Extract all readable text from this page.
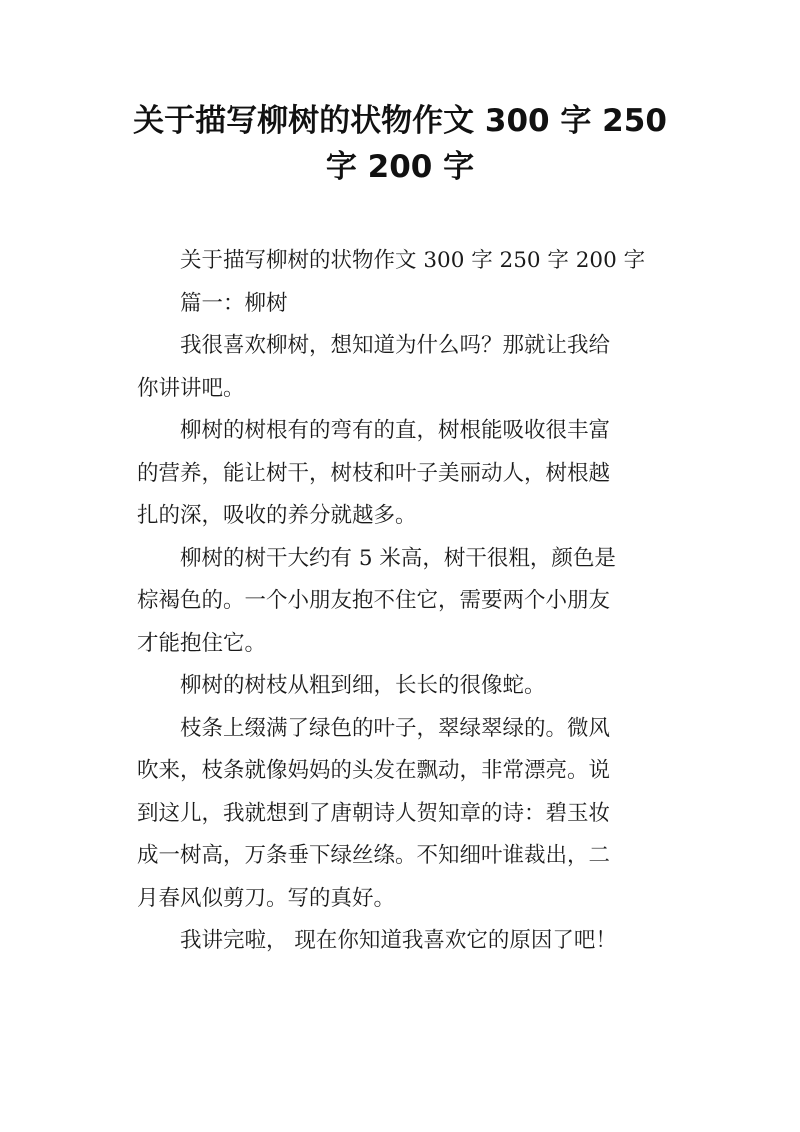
关于描写柳树的状物作文 300 字 250
字 200 字
关于描写柳树的状物作文 300 字 250 字 200 字
篇一：柳树
我很喜欢柳树，想知道为什么吗？那就让我给
你讲讲吧。
柳树的树根有的弯有的直，树根能吸收很丰富
的营养，能让树干，树枝和叶子美丽动人，树根越
扎的深，吸收的养分就越多。
柳树的树干大约有 5 米高，树干很粗，颜色是
棕褐色的。一个小朋友抱不住它，需要两个小朋友
才能抱住它。
柳树的树枝从粗到细，长长的很像蛇。
枝条上缀满了绿色的叶子，翠绿翠绿的。微风
吹来，枝条就像妈妈的头发在飘动，非常漂亮。说
到这儿，我就想到了唐朝诗人贺知章的诗：碧玉妆
成一树高，万条垂下绿丝绦。不知细叶谁裁出，二
月春风似剪刀。写的真好。
我讲完啦， 现在你知道我喜欢它的原因了吧！
